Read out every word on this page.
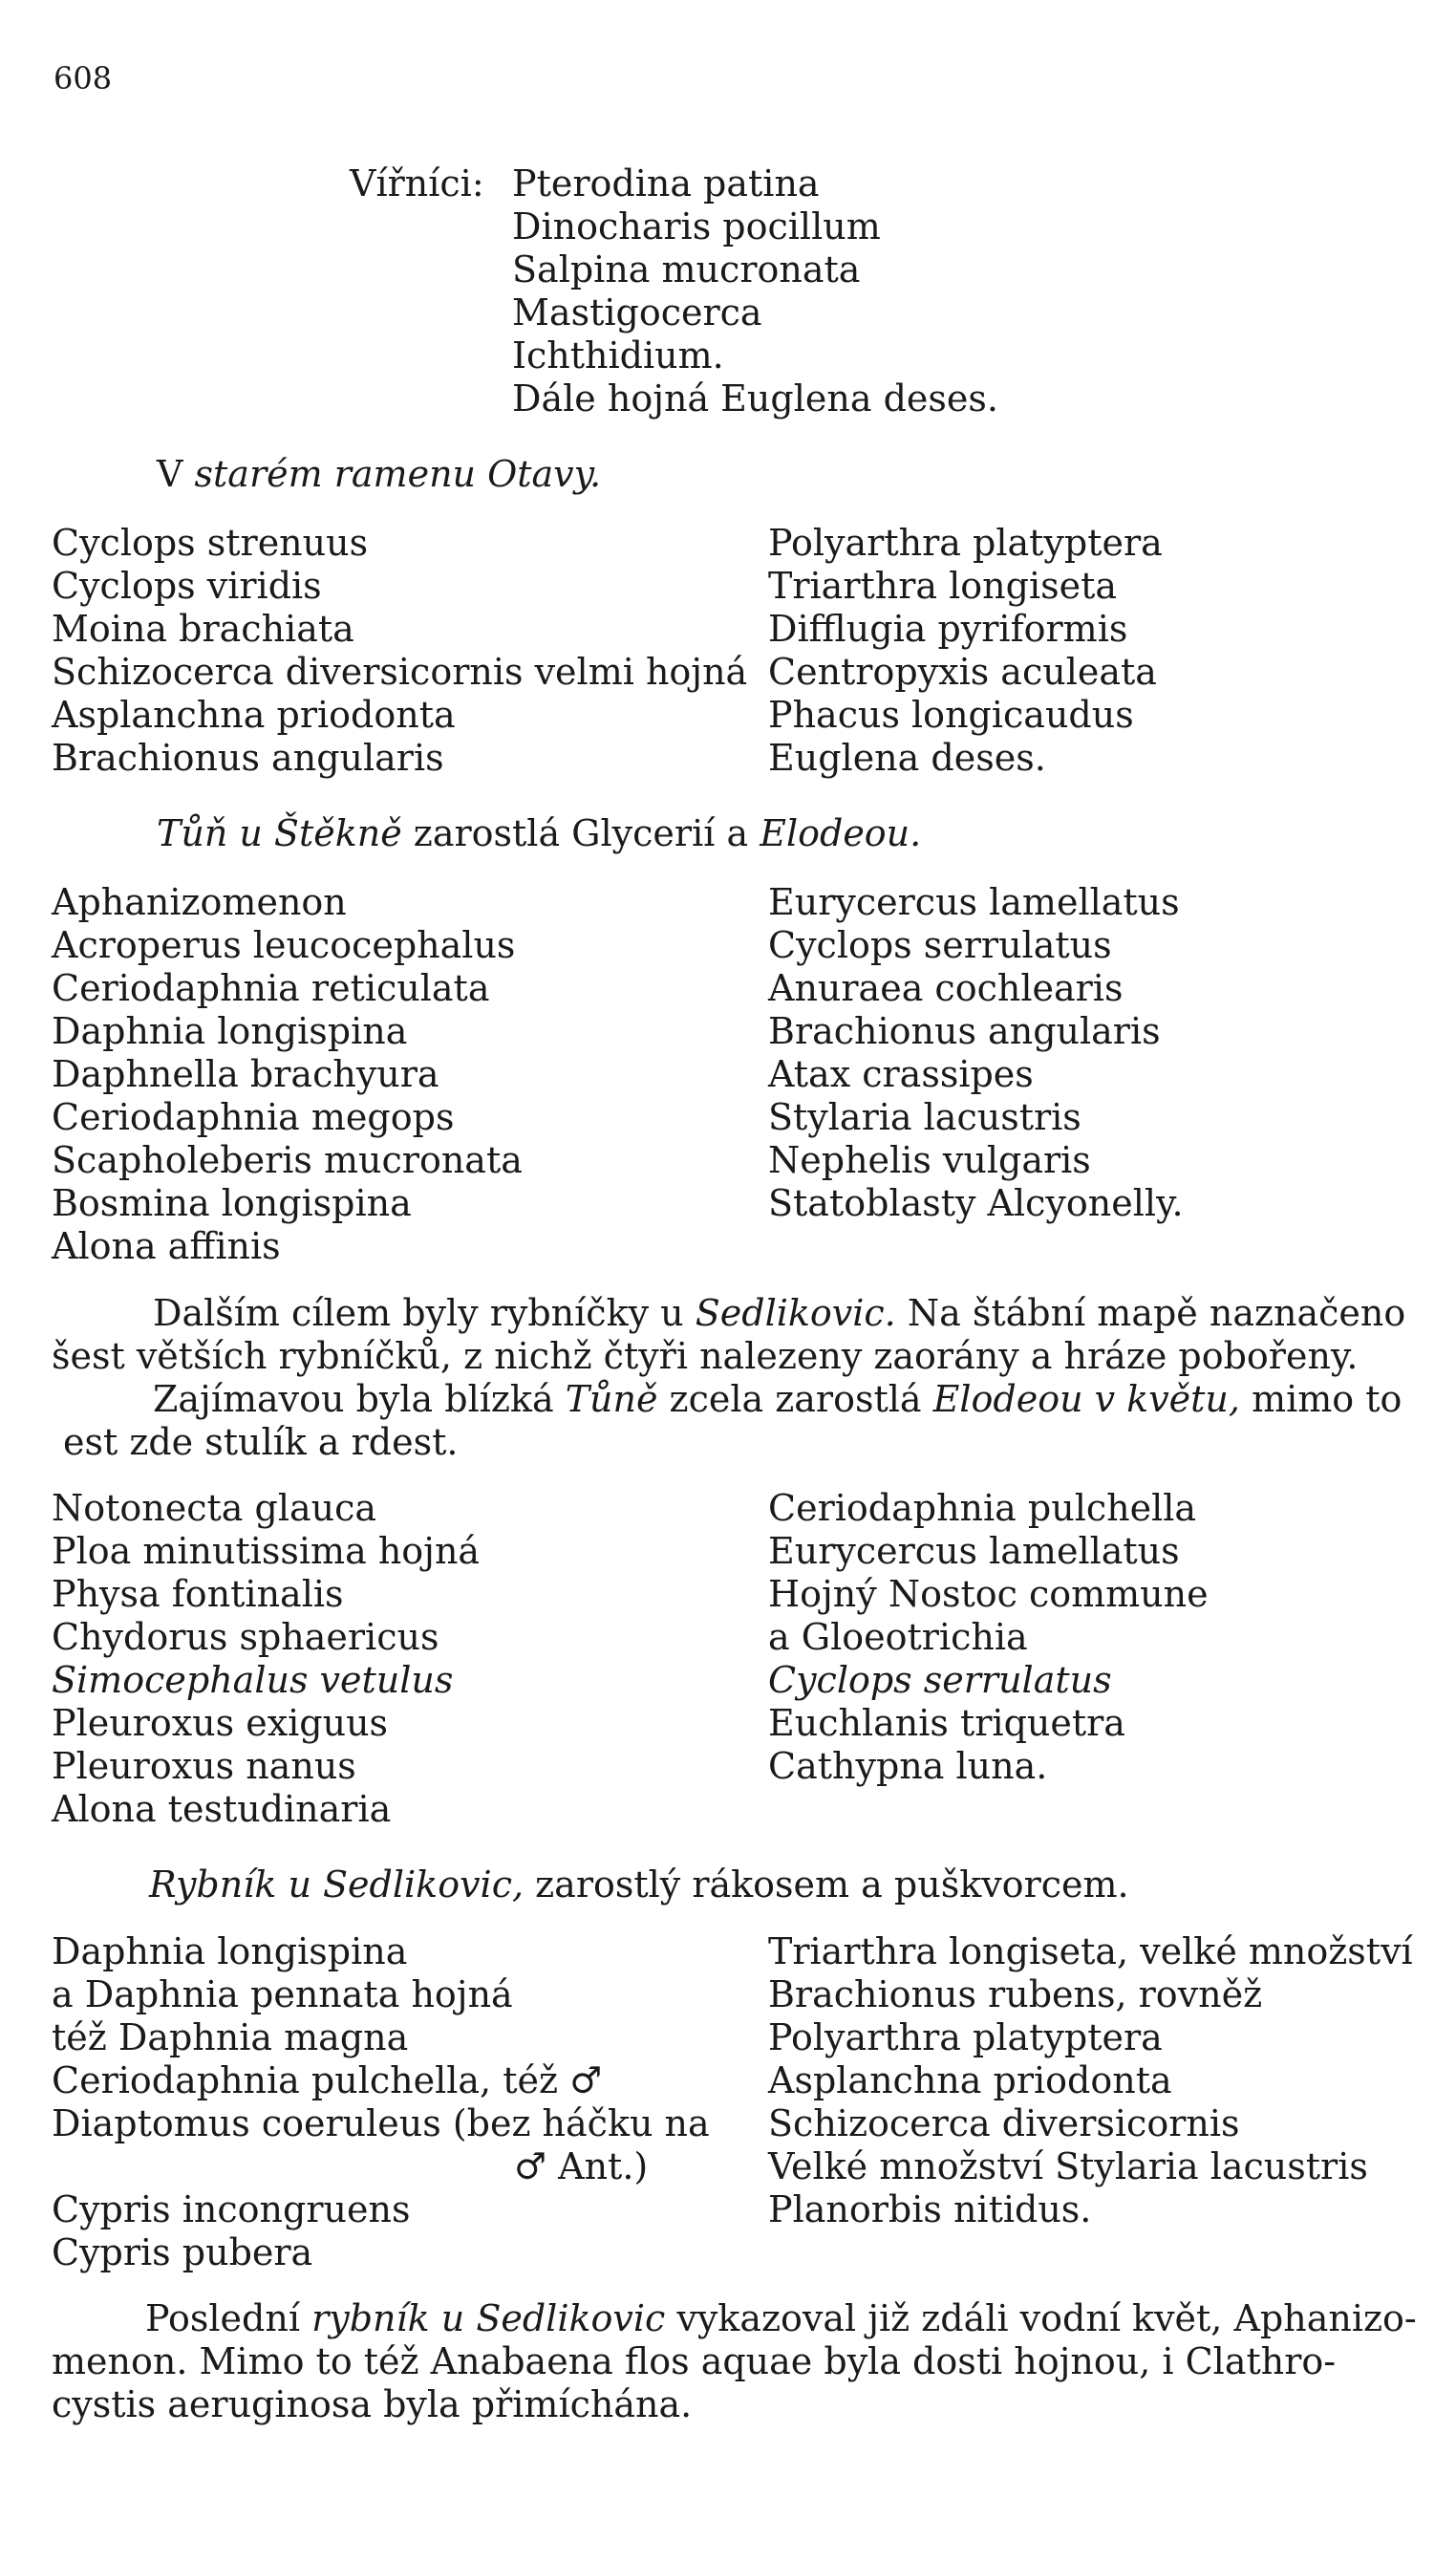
608
Vířníci: Pterodina patina
Dinocharis pocillum
Salpina mucronata
Mastigocerca
Ichthidium.
Dále hojná Euglena deses.
V starém ramenu Otavy.
Cyclops strenuus
Cyclops viridis
Moina brachiata
Schizocerca diversicornis velmi hojná
Asplanchna priodonta
Brachionus angularis
Polyarthra platyptera
Triarthra longiseta
Difflugia pyriformis
Centropyxis aculeata
Phacus longicaudus
Euglena deses.
Tůň u Štěkně zarostlá Glycerií a Elodeou.
Aphanizomenon
Acroperus leucocephalus
Ceriodaphnia reticulata
Daphnia longispina
Daphnella brachyura
Ceriodaphnia megops
Scapholeberis mucronata
Bosmina longispina
Alona affinis
Eurycercus lamellatus
Cyclops serrulatus
Anuraea cochlearis
Brachionus angularis
Atax crassipes
Stylaria lacustris
Nephelis vulgaris
Statoblasty Alcyonelly.
Dalším cílem byly rybníčky u Sedlikovic. Na štábní mapě naznačeno
šest větších rybníčků, z nichž čtyři nalezeny zaorány a hráze pobořeny.
Zajímavou byla blízká Tůně zcela zarostlá Elodeou v květu, mimo to
est zde stulík a rdest.
Notonecta glauca
Ploa minutissima hojná
Physa fontinalis
Chydorus sphaericus
Simocephalus vetulus
Pleuroxus exiguus
Pleuroxus nanus
Alona testudinaria
Ceriodaphnia pulchella
Eurycercus lamellatus
Hojný Nostoc commune
a Gloeotrichia
Cyclops serrulatus
Euchlanis triquetra
Cathypna luna.
Rybník u Sedlikovic, zarostlý rákosem a puškvorcem.
Daphnia longispina
a Daphnia pennata hojná
též Daphnia magna
Ceriodaphnia pulchella, též ♂
Diaptomus coeruleus (bez háčku na
♂ Ant.)
Cypris incongruens
Cypris pubera
Triarthra longiseta, velké množství
Brachionus rubens, rovněž
Polyarthra platyptera
Asplanchna priodonta
Schizocerca diversicornis
Velké množství Stylaria lacustris
Planorbis nitidus.
Poslední rybník u Sedlikovic vykazoval již zdáli vodní květ, Aphanizo-
menon. Mimo to též Anabaena flos aquae byla dosti hojnou, i Clathro-
cystis aeruginosa byla přimíchána.
